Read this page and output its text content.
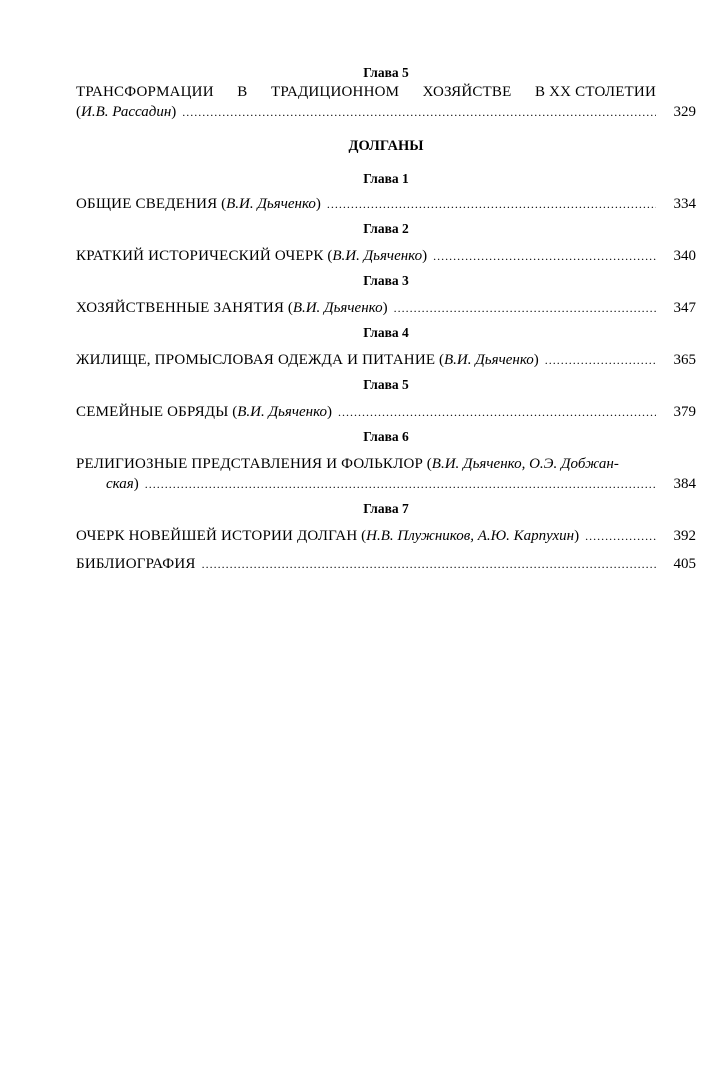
Глава 5
ТРАНСФОРМАЦИИ В ТРАДИЦИОННОМ ХОЗЯЙСТВЕ В XX СТОЛЕТИИ
(И.В. Рассадин) .....	329
ДОЛГАНЫ
Глава 1
ОБЩИЕ СВЕДЕНИЯ (В.И. Дьяченко) .....	334
Глава 2
КРАТКИЙ ИСТОРИЧЕСКИЙ ОЧЕРК (В.И. Дьяченко) .....	340
Глава 3
ХОЗЯЙСТВЕННЫЕ ЗАНЯТИЯ (В.И. Дьяченко) .....	347
Глава 4
ЖИЛИЩЕ, ПРОМЫСЛОВАЯ ОДЕЖДА И ПИТАНИЕ (В.И. Дьяченко) .....	365
Глава 5
СЕМЕЙНЫЕ ОБРЯДЫ (В.И. Дьяченко) .....	379
Глава 6
РЕЛИГИОЗНЫЕ ПРЕДСТАВЛЕНИЯ И ФОЛЬКЛОР (В.И. Дьяченко, О.Э. Добжан-
ская) .....	384
Глава 7
ОЧЕРК НОВЕЙШЕЙ ИСТОРИИ ДОЛГАН (Н.В. Плужников, А.Ю. Карпухин) .....	392
БИБЛИОГРАФИЯ .....	405
